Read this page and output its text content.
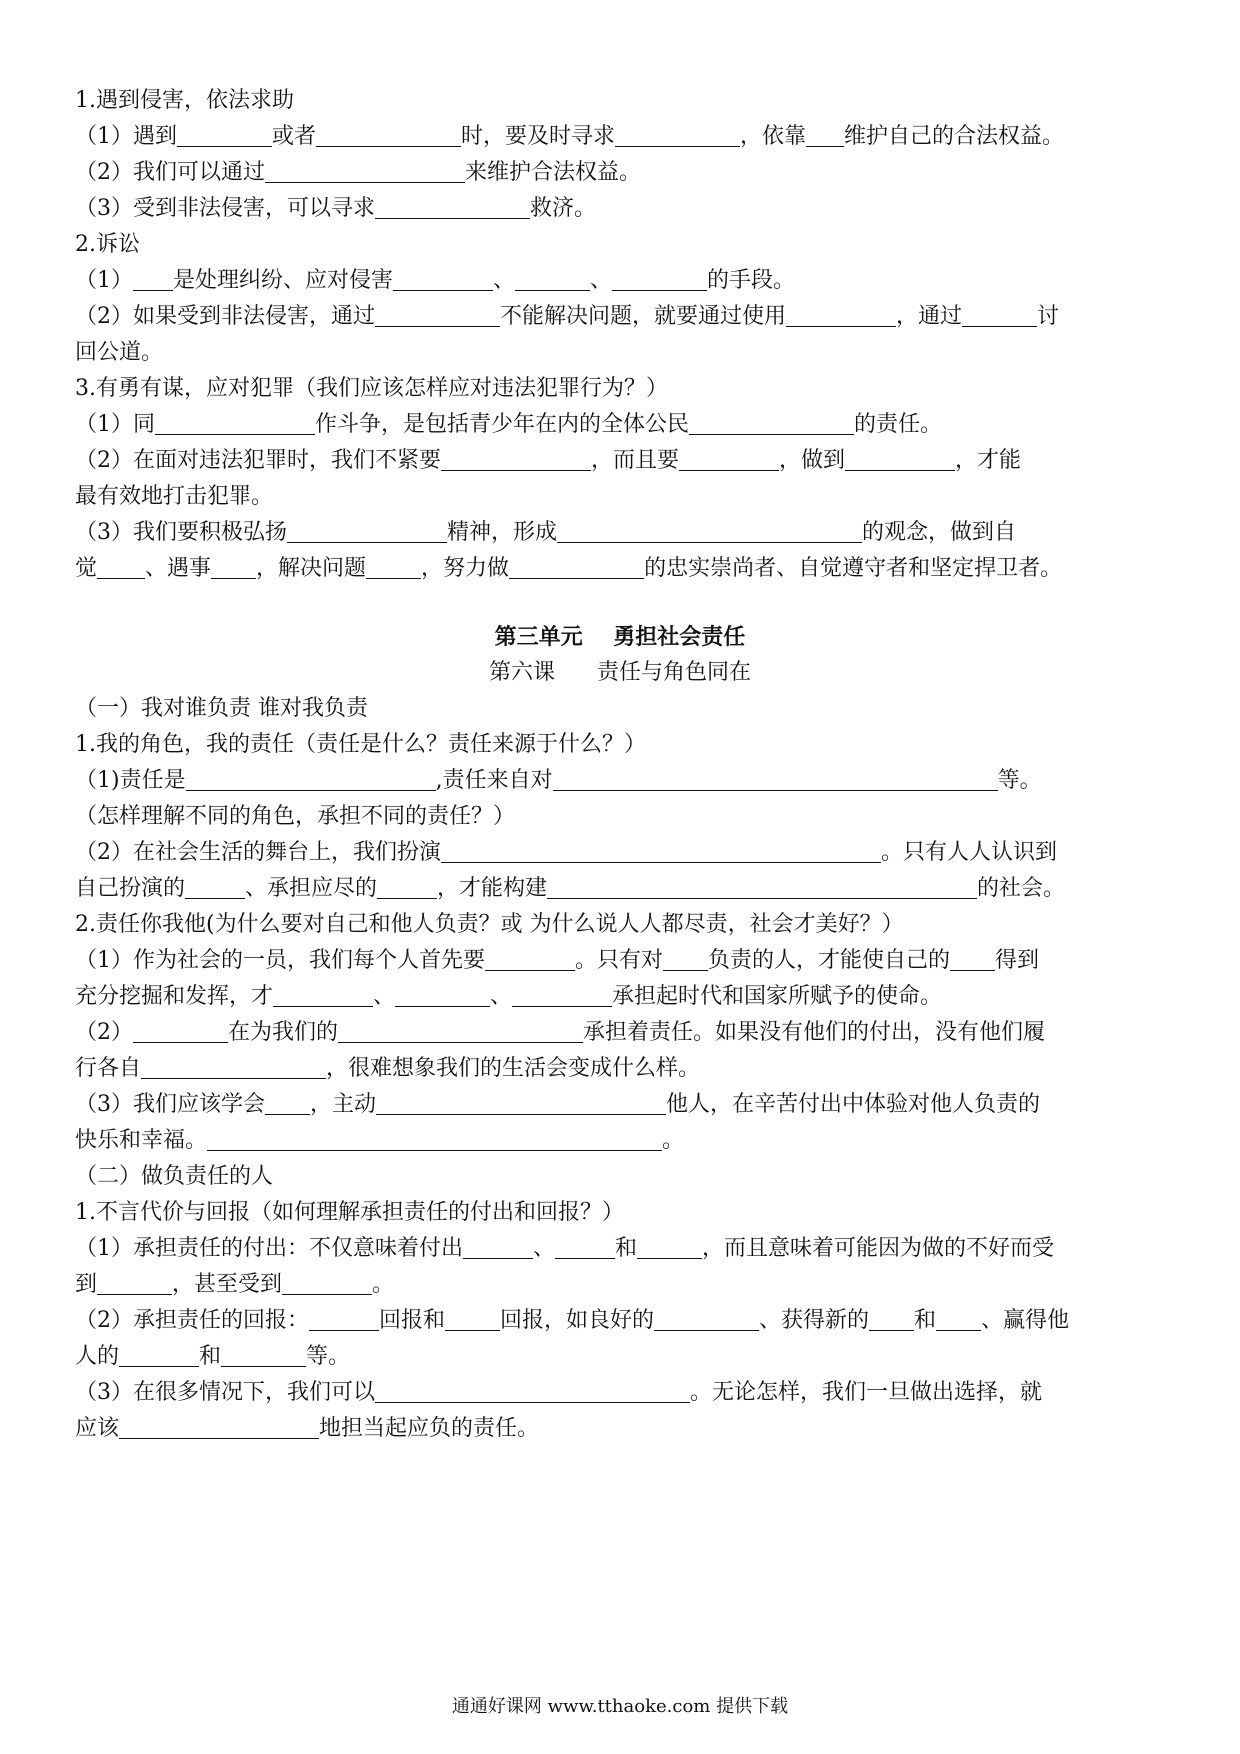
1.遇到侵害，依法求助
（1）遇到	或者	时，要及时寻求	，依靠 维护自己的合法权益。
（2）我们可以通过	来维护合法权益。
（3）受到非法侵害，可以寻求	救济。
2.诉讼
（1） 是处理纠纷、应对侵害	、	、	的手段。
（2）如果受到非法侵害，通过	不能解决问题，就要通过使用	，通过	讨
回公道。
3.有勇有谋，应对犯罪（我们应该怎样应对违法犯罪行为？）
（1）同	作斗争，是包括青少年在内的全体公民	的责任。
（2）在面对违法犯罪时，我们不紧要	，而且要	，做到	，才能
最有效地打击犯罪。
（3）我们要积极弘扬	精神，形成	的观念，做到自
觉 、遇事 ，解决问题	，努力做	的忠实崇尚者、自觉遵守者和坚定捍卫者。
（一）我对谁负责 谁对我负责
1.我的角色，我的责任（责任是什么？责任来源于什么？）
（1)责任是	,责任来自对	等。
（怎样理解不同的角色，承担不同的责任？）
（2）在社会生活的舞台上，我们扮演	。只有人人认识到
自己扮演的	、承担应尽的	，才能构建	的社会。
2.责任你我他(为什么要对自己和他人负责？或 为什么说人人都尽责，社会才美好？）
（1）作为社会的一员，我们每个人首先要	。只有对 负责的人，才能使自己的 得到
充分挖掘和发挥，才	、	、	承担起时代和国家所赋予的使命。
（2）	在为我们的	承担着责任。如果没有他们的付出，没有他们履
行各自	，很难想象我们的生活会变成什么样。
（3）我们应该学会 ，主动	他人，在辛苦付出中体验对他人负责的
快乐和幸福。	。
（二）做负责任的人
1.不言代价与回报（如何理解承担责任的付出和回报？）
（1）承担责任的付出：不仅意味着付出	、	和	，而且意味着可能因为做的不好而受
到	，甚至受到	。
（2）承担责任的回报：	回报和	回报，如良好的	、获得新的 和 、赢得他
人的	和	等。
（3）在很多情况下，我们可以	。无论怎样，我们一旦做出选择，就
应该	地担当起应负的责任。
第三单元    勇担社会责任
第六课      责任与角色同在
通通好课网 www.tthaoke.com 提供下载
